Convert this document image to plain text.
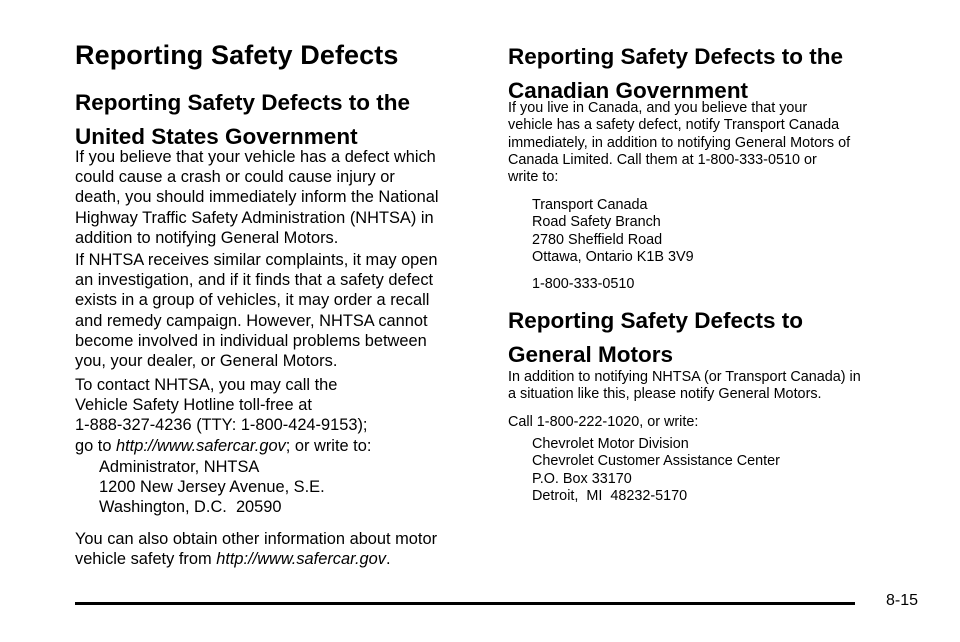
Reporting Safety Defects
Reporting Safety Defects to the
United States Government

If you believe that your vehicle has a defect which
could cause a crash or could cause injury or
death, you should immediately inform the National
Highway Traffic Safety Administration (NHTSA) in
addition to notifying General Motors.

If NHTSA receives similar complaints, it may open
an investigation, and if it finds that a safety defect
exists in a group of vehicles, it may order a recall
and remedy campaign. However, NHTSA cannot
become involved in individual problems between
you, your dealer, or General Motors.

To contact NHTSA, you may call the
Vehicle Safety Hotline toll-free at
1-888-327-4236 (TTY: 1-800-424-9153);
go to http://www.safercar.gov; or write to:

Administrator, NHTSA
1200 New Jersey Avenue, S.E.
Washington, D.C.  20590

You can also obtain other information about motor
vehicle safety from http://www.safercar.gov.

Reporting Safety Defects to the
Canadian Government

If you live in Canada, and you believe that your
vehicle has a safety defect, notify Transport Canada
immediately, in addition to notifying General Motors of
Canada Limited. Call them at 1-800-333-0510 or
write to:

Transport Canada
Road Safety Branch
2780 Sheffield Road
Ottawa, Ontario K1B 3V9

1-800-333-0510

Reporting Safety Defects to
General Motors

In addition to notifying NHTSA (or Transport Canada) in
a situation like this, please notify General Motors.

Call 1-800-222-1020, or write:

Chevrolet Motor Division
Chevrolet Customer Assistance Center
P.O. Box 33170
Detroit,  MI  48232-5170

8-15
